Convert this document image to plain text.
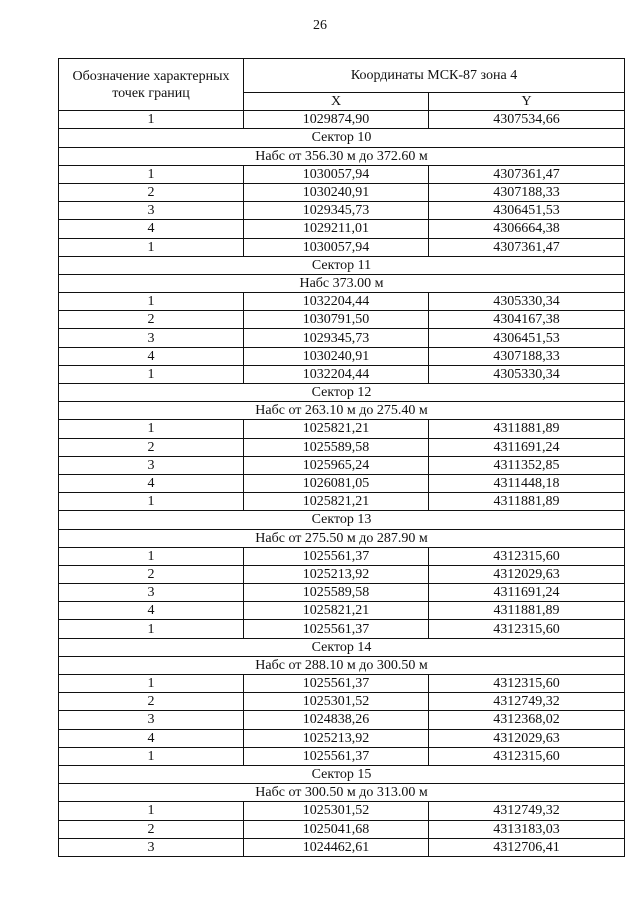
26
Обозначение характерных точек границ	Координаты МСК-87 зона 4	
	X	Y
1	1029874,90	4307534,66
Сектор 10		
Набс от 356.30 м до 372.60 м		
1	1030057,94	4307361,47
2	1030240,91	4307188,33
3	1029345,73	4306451,53
4	1029211,01	4306664,38
1	1030057,94	4307361,47
Сектор 11		
Набс 373.00 м		
1	1032204,44	4305330,34
2	1030791,50	4304167,38
3	1029345,73	4306451,53
4	1030240,91	4307188,33
1	1032204,44	4305330,34
Сектор 12		
Набс от 263.10 м до 275.40 м		
1	1025821,21	4311881,89
2	1025589,58	4311691,24
3	1025965,24	4311352,85
4	1026081,05	4311448,18
1	1025821,21	4311881,89
Сектор 13		
Набс от 275.50 м до 287.90 м		
1	1025561,37	4312315,60
2	1025213,92	4312029,63
3	1025589,58	4311691,24
4	1025821,21	4311881,89
1	1025561,37	4312315,60
Сектор 14		
Набс от 288.10 м до 300.50 м		
1	1025561,37	4312315,60
2	1025301,52	4312749,32
3	1024838,26	4312368,02
4	1025213,92	4312029,63
1	1025561,37	4312315,60
Сектор 15		
Набс от 300.50 м до 313.00 м		
1	1025301,52	4312749,32
2	1025041,68	4313183,03
3	1024462,61	4312706,41
